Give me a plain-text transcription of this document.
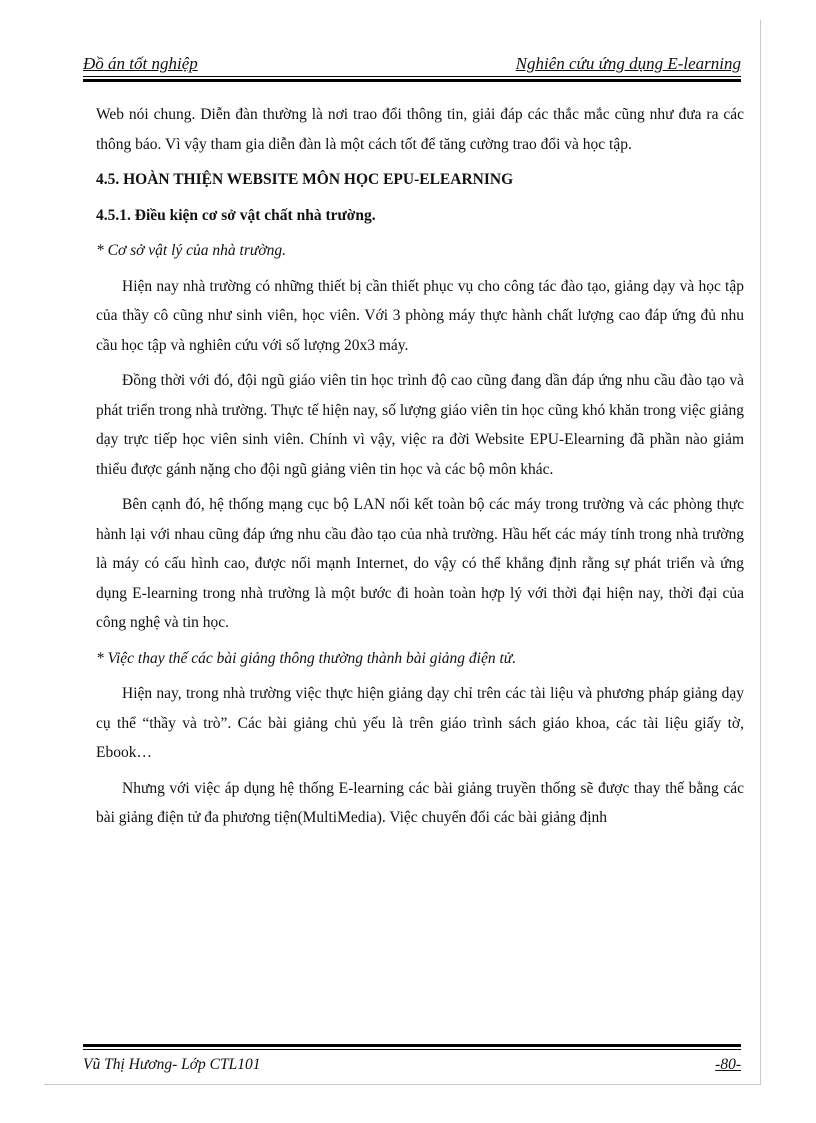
Đồ án tốt nghiệp	Nghiên cứu ứng dụng E-learning

Web nói chung. Diễn đàn thường là nơi trao đổi thông tin, giải đáp các thắc mắc cũng như đưa ra các thông báo. Vì vậy tham gia diễn đàn là một cách tốt để tăng cường trao đổi và học tập.

4.5. HOÀN THIỆN WEBSITE MÔN HỌC EPU-ELEARNING
4.5.1. Điều kiện cơ sở vật chất nhà trường.

* Cơ sở vật lý của nhà trường.

Hiện nay nhà trường có những thiết bị cần thiết phục vụ cho công tác đào tạo, giảng dạy và học tập của thầy cô cũng như sinh viên, học viên. Với 3 phòng máy thực hành chất lượng cao đáp ứng đủ nhu cầu học tập và nghiên cứu với số lượng 20x3 máy.

Đồng thời với đó, đội ngũ giáo viên tin học trình độ cao cũng đang dần đáp ứng nhu cầu đào tạo và phát triển trong nhà trường. Thực tế hiện nay, số lượng giáo viên tin học cũng khó khăn trong việc giảng dạy trực tiếp học viên sinh viên. Chính vì vậy, việc ra đời Website EPU-Elearning đã phần nào giảm thiểu được gánh nặng cho đội ngũ giảng viên tin học và các bộ môn khác.

Bên cạnh đó, hệ thống mạng cục bộ LAN nối kết toàn bộ các máy trong trường và các phòng thực hành lại với nhau cũng đáp ứng nhu cầu đào tạo của nhà trường. Hầu hết các máy tính trong nhà trường là máy có cấu hình cao, được nối mạnh Internet, do vậy có thể khẳng định rằng sự phát triển và ứng dụng E-learning trong nhà trường là một bước đi hoàn toàn hợp lý với thời đại hiện nay, thời đại của công nghệ và tin học.

* Việc thay thế các bài giảng thông thường thành bài giảng điện tử.

Hiện nay, trong nhà trường việc thực hiện giảng dạy chỉ trên các tài liệu và phương pháp giảng dạy cụ thể “thầy và trò”. Các bài giảng chủ yếu là trên giáo trình sách giáo khoa, các tài liệu giấy tờ, Ebook…

Nhưng với việc áp dụng hệ thống E-learning các bài giảng truyền thống sẽ được thay thế bằng các bài giảng điện tử đa phương tiện(MultiMedia). Việc chuyển đổi các bài giảng định

Vũ Thị Hương- Lớp CTL101	-80-
